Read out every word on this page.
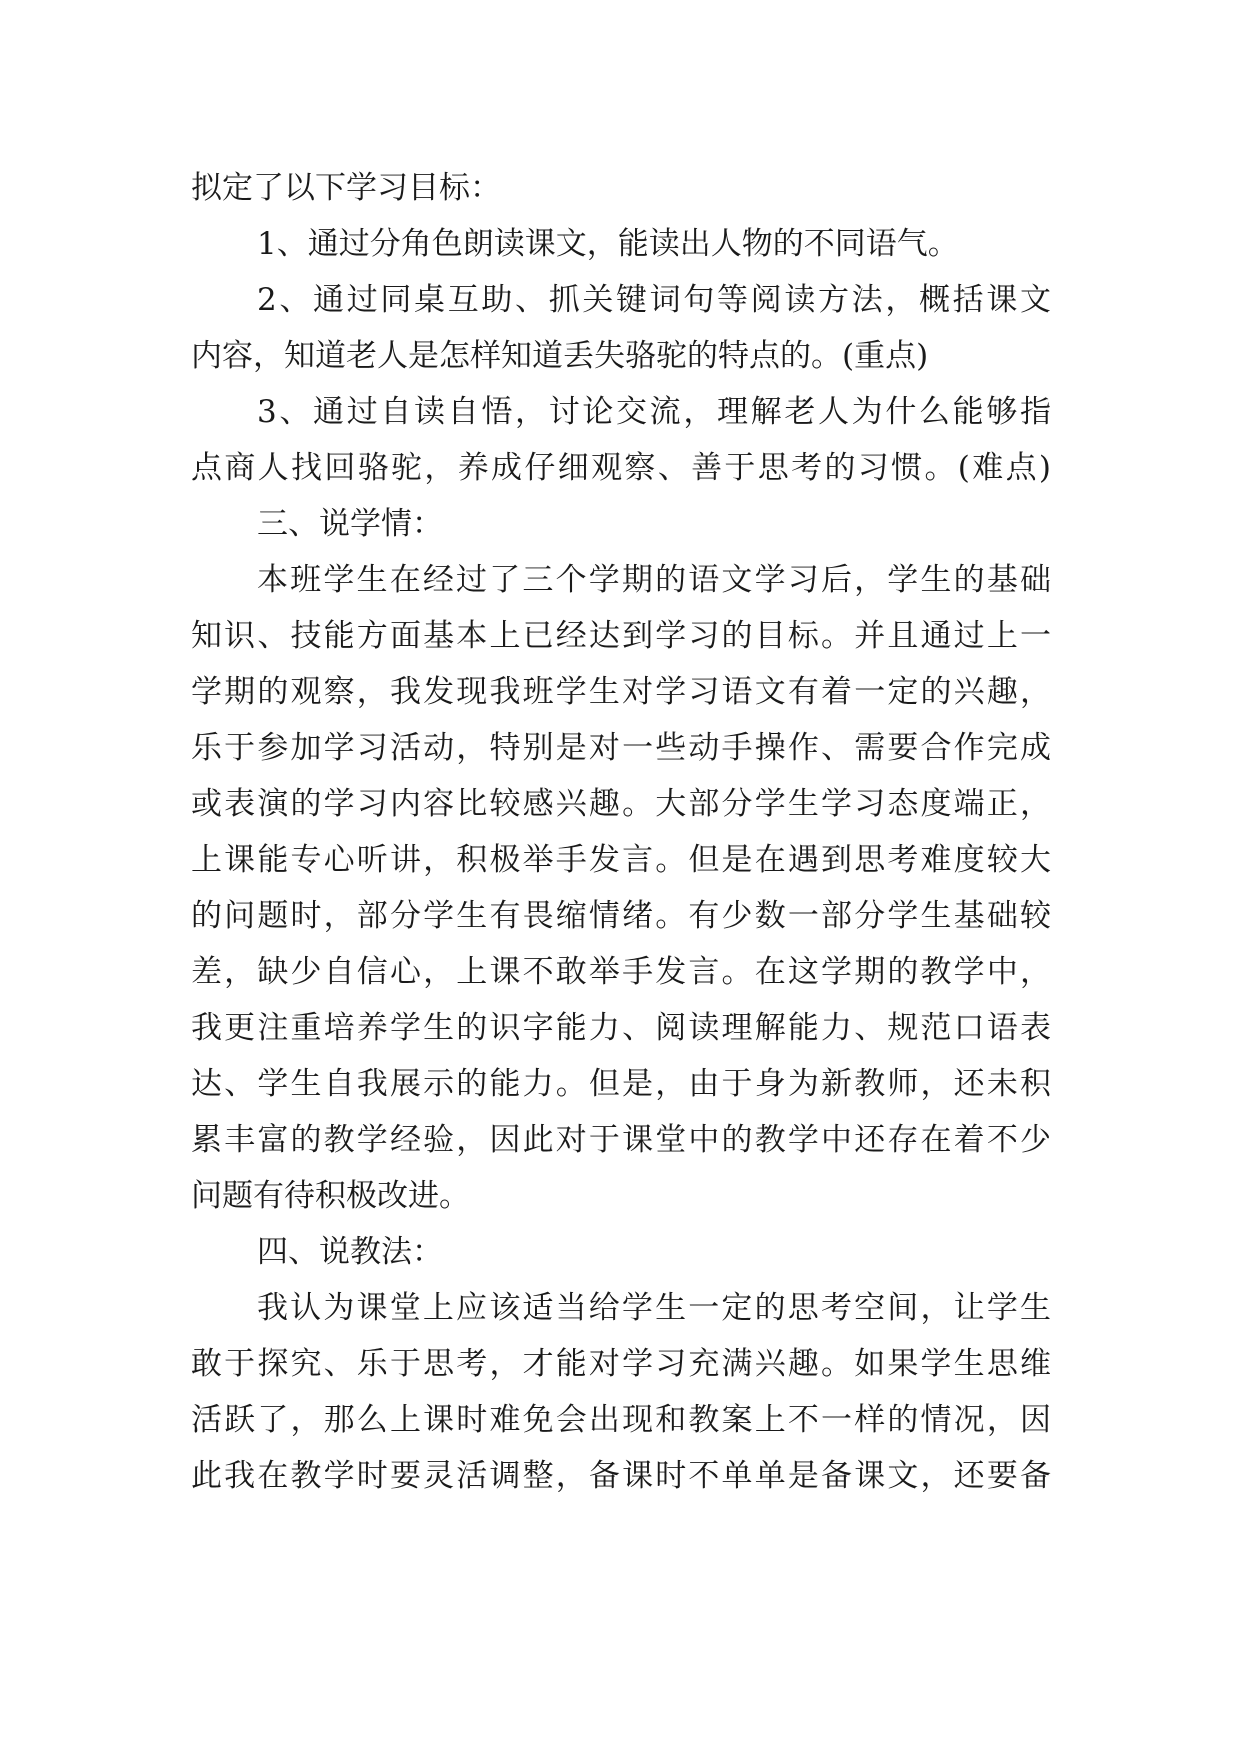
拟定了以下学习目标：
1、通过分角色朗读课文，能读出人物的不同语气。
2、通过同桌互助、抓关键词句等阅读方法，概括课文
内容，知道老人是怎样知道丢失骆驼的特点的。(重点)
3、通过自读自悟，讨论交流，理解老人为什么能够指
点商人找回骆驼，养成仔细观察、善于思考的习惯。(难点)
三、说学情：
本班学生在经过了三个学期的语文学习后，学生的基础
知识、技能方面基本上已经达到学习的目标。并且通过上一
学期的观察，我发现我班学生对学习语文有着一定的兴趣，
乐于参加学习活动，特别是对一些动手操作、需要合作完成
或表演的学习内容比较感兴趣。大部分学生学习态度端正，
上课能专心听讲，积极举手发言。但是在遇到思考难度较大
的问题时，部分学生有畏缩情绪。有少数一部分学生基础较
差，缺少自信心，上课不敢举手发言。在这学期的教学中，
我更注重培养学生的识字能力、阅读理解能力、规范口语表
达、学生自我展示的能力。但是，由于身为新教师，还未积
累丰富的教学经验，因此对于课堂中的教学中还存在着不少
问题有待积极改进。
四、说教法：
我认为课堂上应该适当给学生一定的思考空间，让学生
敢于探究、乐于思考，才能对学习充满兴趣。如果学生思维
活跃了，那么上课时难免会出现和教案上不一样的情况，因
此我在教学时要灵活调整，备课时不单单是备课文，还要备
